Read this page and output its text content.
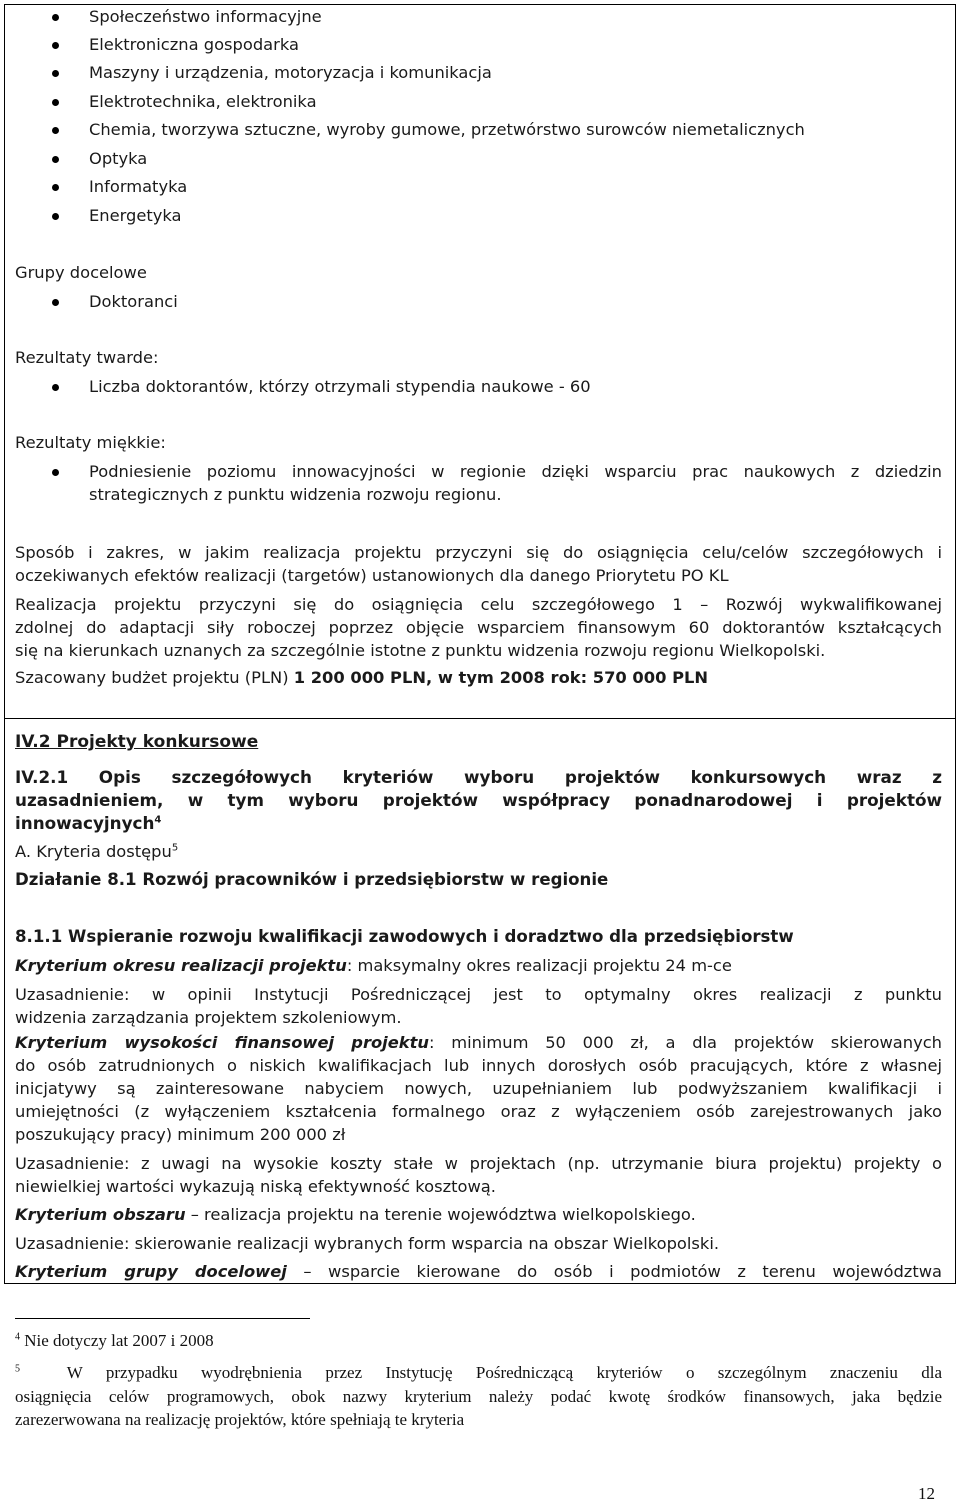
Społeczeństwo informacyjne
Elektroniczna gospodarka
Maszyny i urządzenia, motoryzacja i komunikacja
Elektrotechnika, elektronika
Chemia, tworzywa sztuczne, wyroby gumowe, przetwórstwo surowców niemetalicznych
Optyka
Informatyka
Energetyka
Grupy docelowe
Doktoranci
Rezultaty twarde:
Liczba doktorantów, którzy otrzymali stypendia naukowe - 60
Rezultaty miękkie:
Podniesienie poziomu innowacyjności w regionie dzięki wsparciu prac naukowych z dziedzin
strategicznych z punktu widzenia rozwoju regionu.
Sposób i zakres, w jakim realizacja projektu przyczyni się do osiągnięcia celu/celów szczegółowych i
oczekiwanych efektów realizacji (targetów) ustanowionych dla danego Priorytetu PO KL
Realizacja projektu przyczyni się do osiągnięcia celu szczegółowego 1 – Rozwój wykwalifikowanej
zdolnej do adaptacji siły roboczej poprzez objęcie wsparciem finansowym 60 doktorantów kształcących
się na kierunkach uznanych za szczególnie istotne z punktu widzenia rozwoju regionu Wielkopolski.
Szacowany budżet projektu (PLN) 1 200 000 PLN, w tym 2008 rok: 570 000 PLN
IV.2 Projekty konkursowe
IV.2.1 Opis szczegółowych kryteriów wyboru projektów konkursowych wraz z
uzasadnieniem, w tym wyboru projektów współpracy ponadnarodowej i projektów
innowacyjnych$^4$
A. Kryteria dostępu$^5$
Działanie 8.1 Rozwój pracowników i przedsiębiorstw w regionie
8.1.1 Wspieranie rozwoju kwalifikacji zawodowych i doradztwo dla przedsiębiorstw
Kryterium okresu realizacji projektu: maksymalny okres realizacji projektu 24 m-ce
Uzasadnienie: w opinii Instytucji Pośredniczącej jest to optymalny okres realizacji z punktu
widzenia zarządzania projektem szkoleniowym.
Kryterium wysokości finansowej projektu: minimum 50 000 zł, a dla projektów skierowanych
do osób zatrudnionych o niskich kwalifikacjach lub innych dorosłych osób pracujących, które z własnej
inicjatywy są zainteresowane nabyciem nowych, uzupełnianiem lub podwyższaniem kwalifikacji i
umiejętności (z wyłączeniem kształcenia formalnego oraz z wyłączeniem osób zarejestrowanych jako
poszukujący pracy) minimum 200 000 zł
Uzasadnienie: z uwagi na wysokie koszty stałe w projektach (np. utrzymanie biura projektu) projekty o
niewielkiej wartości wykazują niską efektywność kosztową.
Kryterium obszaru – realizacja projektu na terenie województwa wielkopolskiego.
Uzasadnienie: skierowanie realizacji wybranych form wsparcia na obszar Wielkopolski.
Kryterium grupy docelowej – wsparcie kierowane do osób i podmiotów z terenu województwa
$^4$ Nie dotyczy lat 2007 i 2008
$^5$	W przypadku wyodrębnienia przez Instytucję Pośredniczącą kryteriów o szczególnym znaczeniu dla
osiągnięcia celów programowych, obok nazwy kryterium należy podać kwotę środków finansowych, jaka będzie
zarezerwowana na realizację projektów, które spełniają te kryteria
12
